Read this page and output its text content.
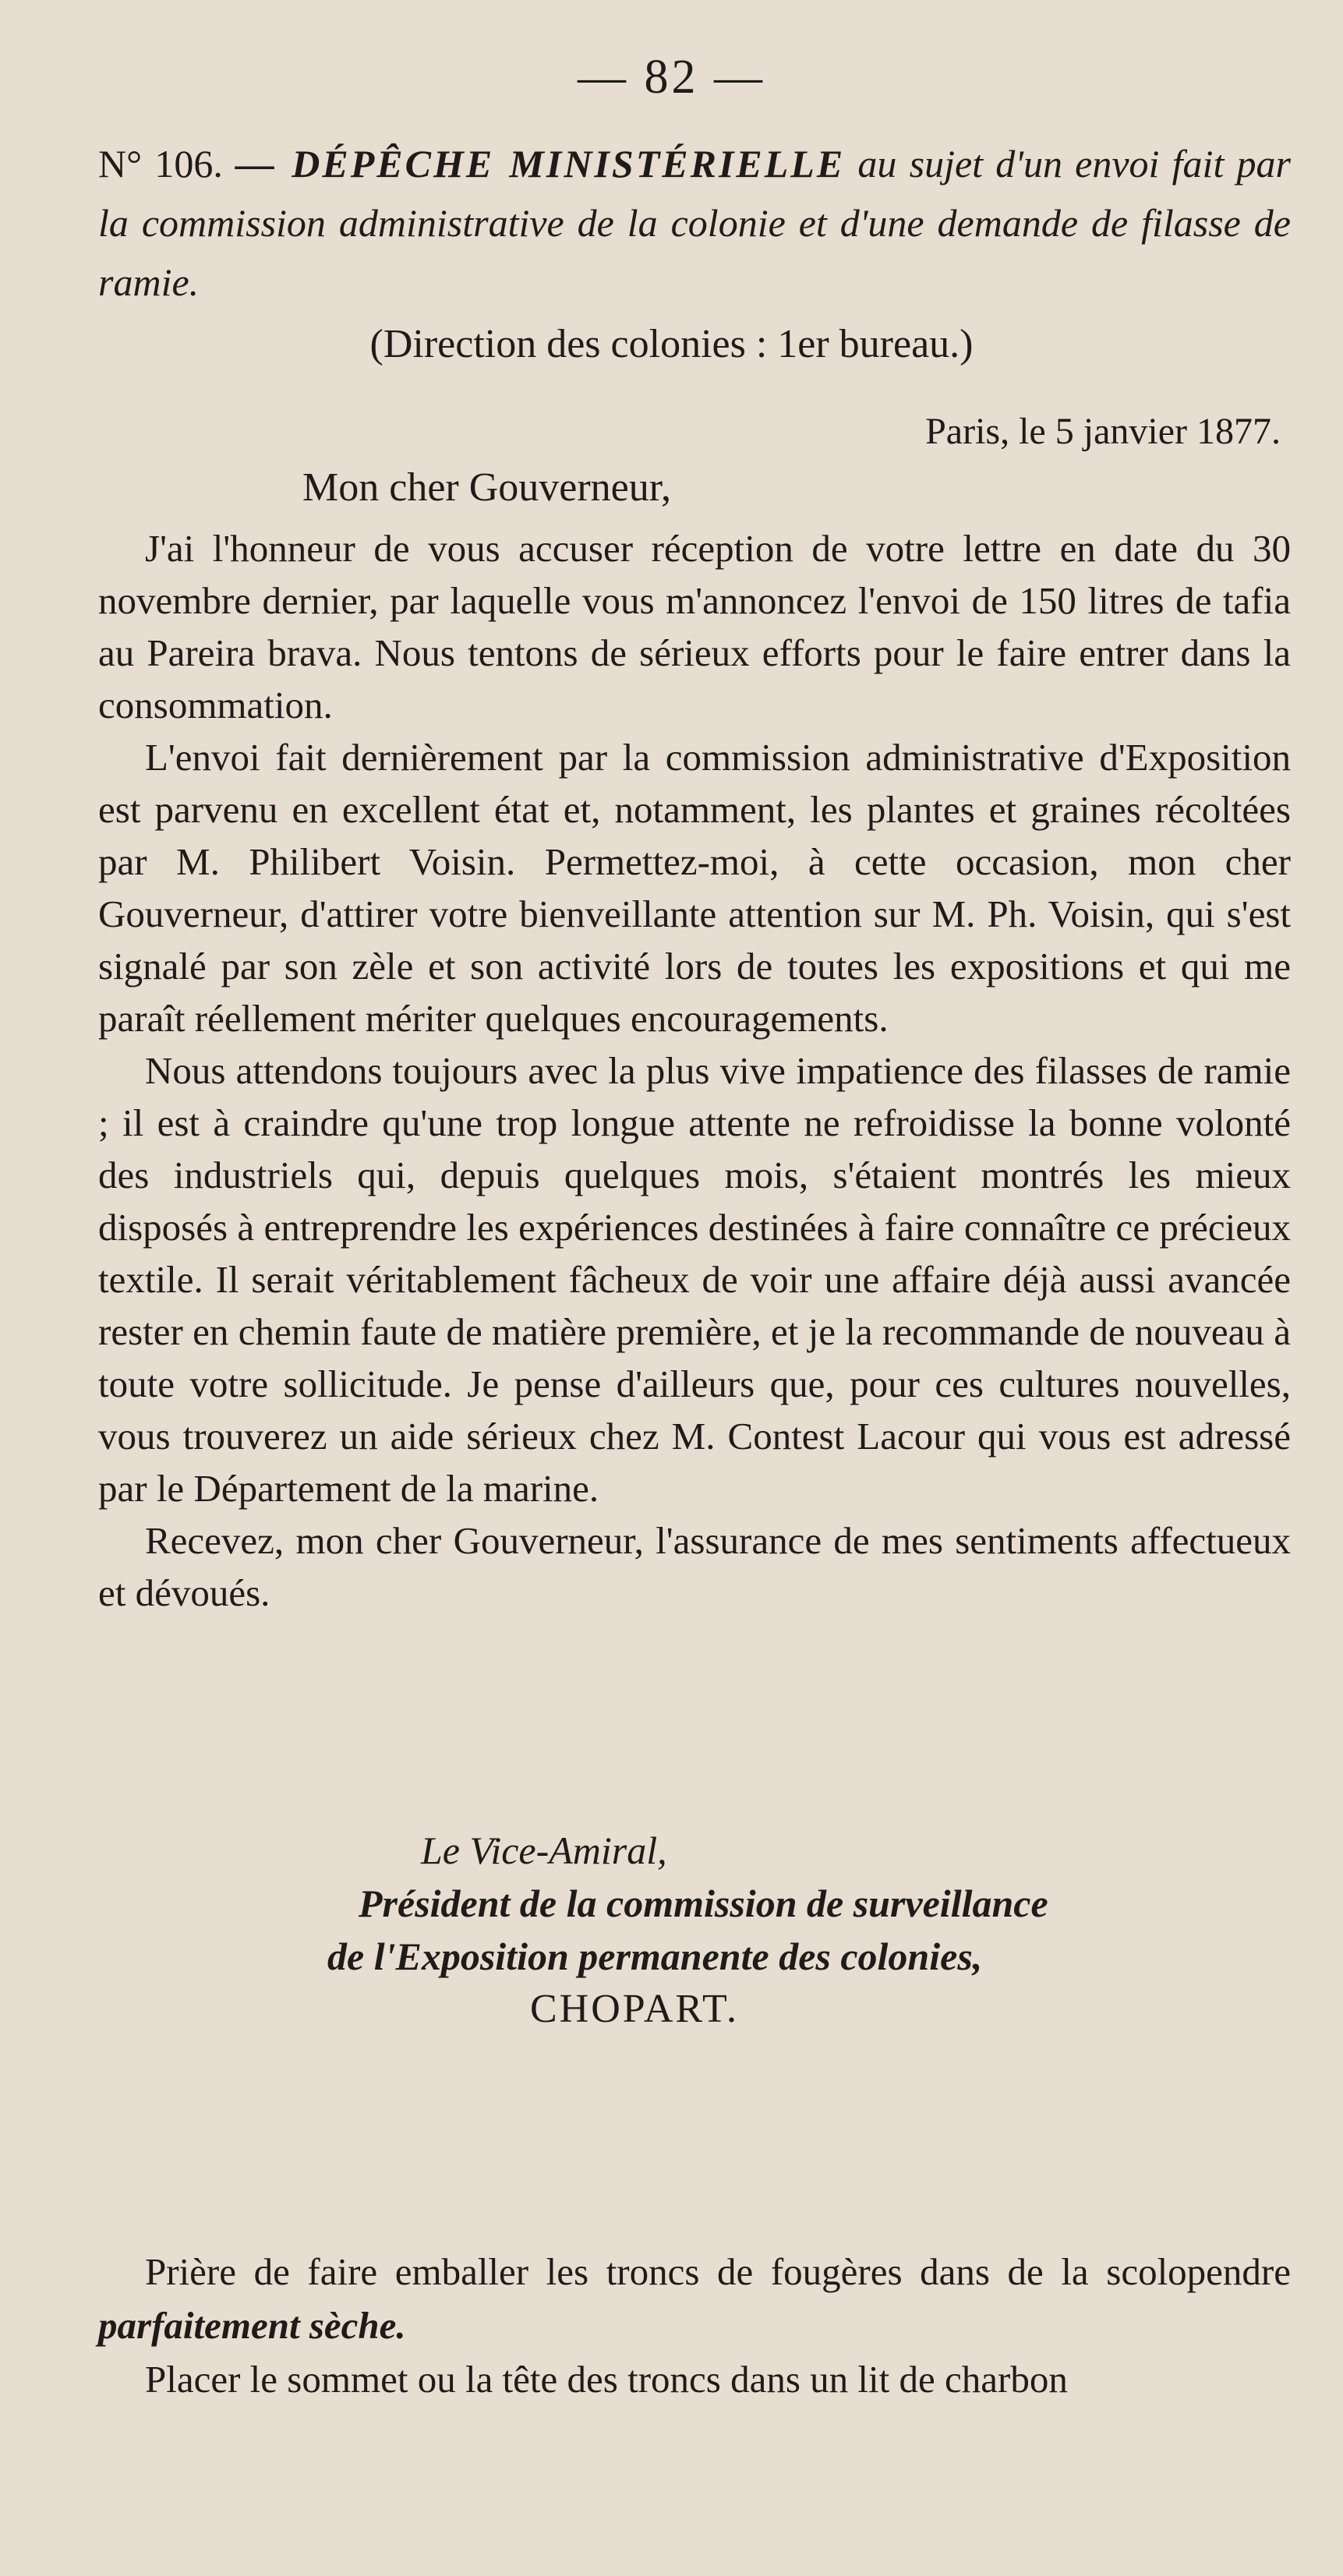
— 82 —
N° 106. — DÉPÊCHE MINISTÉRIELLE au sujet d'un envoi fait par la commission administrative de la colonie et d'une demande de filasse de ramie.
(Direction des colonies : 1er bureau.)
Paris, le 5 janvier 1877.
Mon cher Gouverneur,

J'ai l'honneur de vous accuser réception de votre lettre en date du 30 novembre dernier, par laquelle vous m'annoncez l'envoi de 150 litres de tafia au Pareira brava. Nous tentons de sérieux efforts pour le faire entrer dans la consommation.

L'envoi fait dernièrement par la commission administrative d'Exposition est parvenu en excellent état et, notamment, les plantes et graines récoltées par M. Philibert Voisin. Permettez-moi, à cette occasion, mon cher Gouverneur, d'attirer votre bienveillante attention sur M. Ph. Voisin, qui s'est signalé par son zèle et son activité lors de toutes les expositions et qui me paraît réellement mériter quelques encouragements.

Nous attendons toujours avec la plus vive impatience des filasses de ramie ; il est à craindre qu'une trop longue attente ne refroidisse la bonne volonté des industriels qui, depuis quelques mois, s'étaient montrés les mieux disposés à entreprendre les expériences destinées à faire connaître ce précieux textile. Il serait véritablement fâcheux de voir une affaire déjà aussi avancée rester en chemin faute de matière première, et je la recommande de nouveau à toute votre sollicitude. Je pense d'ailleurs que, pour ces cultures nouvelles, vous trouverez un aide sérieux chez M. Contest Lacour qui vous est adressé par le Département de la marine.

Recevez, mon cher Gouverneur, l'assurance de mes sentiments affectueux et dévoués.

Le Vice-Amiral,
Président de la commission de surveillance
de l'Exposition permanente des colonies,
CHOPART.

Prière de faire emballer les troncs de fougères dans de la scolopendre parfaitement sèche.

Placer le sommet ou la tête des troncs dans un lit de charbon
